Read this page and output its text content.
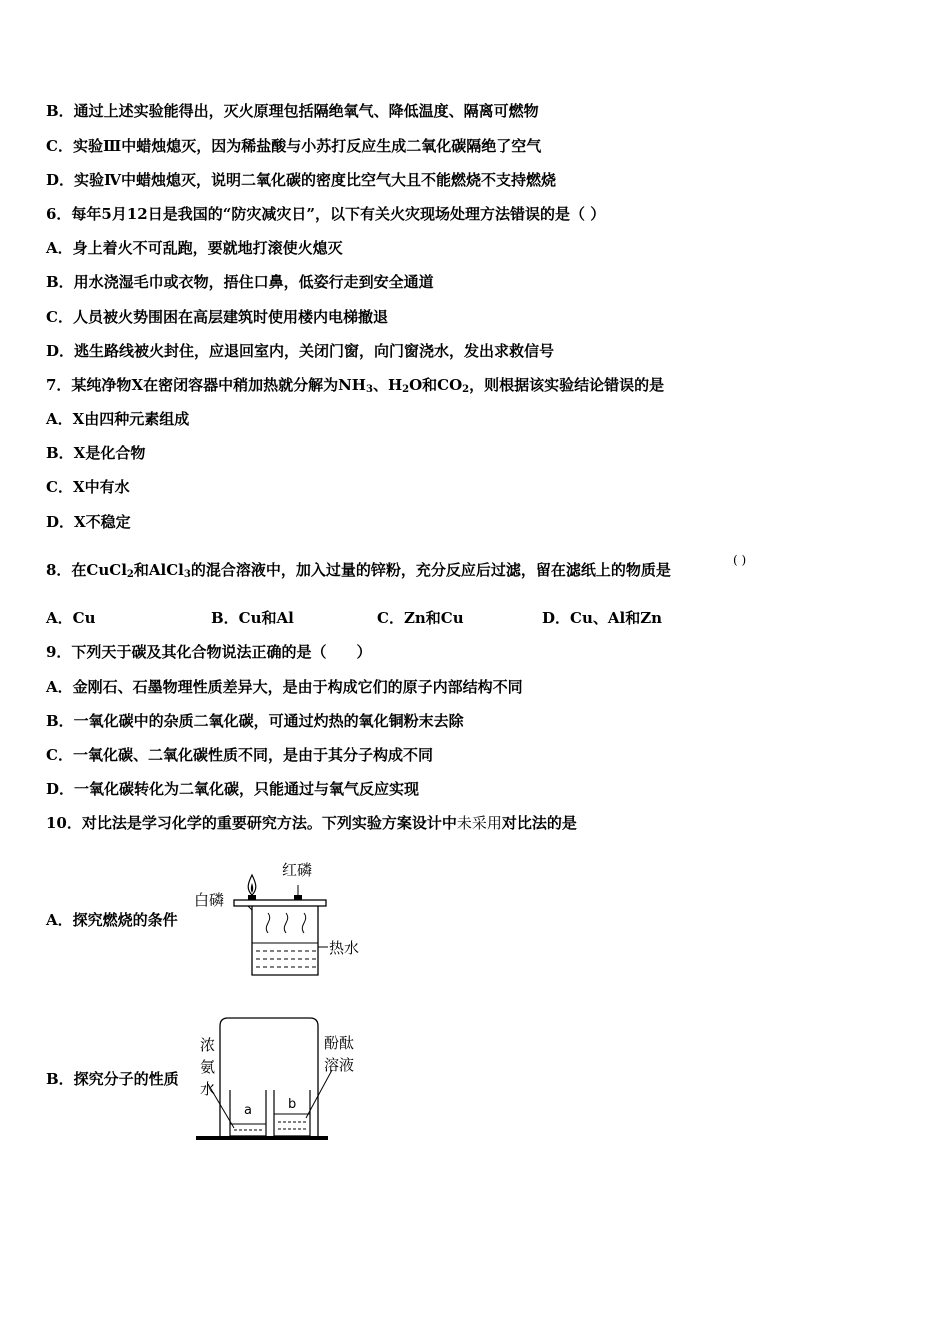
B．通过上述实验能得出，灭火原理包括隔绝氧气、降低温度、隔离可燃物
C．实验Ⅲ中蜡烛熄灭，因为稀盐酸与小苏打反应生成二氧化碳隔绝了空气
D．实验Ⅳ中蜡烛熄灭，说明二氧化碳的密度比空气大且不能燃烧不支持燃烧
6．每年5月12日是我国的“防灾减灾日”，以下有关火灾现场处理方法错误的是（ ）
A．身上着火不可乱跑，要就地打滚使火熄灭
B．用水浇湿毛巾或衣物，捂住口鼻，低姿行走到安全通道
C．人员被火势围困在高层建筑时使用楼内电梯撤退
D．逃生路线被火封住，应退回室内，关闭门窗，向门窗浇水，发出求救信号
7．某纯净物X在密闭容器中稍加热就分解为$NH_3$、$H_2O$和$CO_2$，则根据该实验结论错误的是
A．X由四种元素组成
B．X是化合物
C．X中有水
D．X不稳定
8．在CuCl$_2$和AlCl$_3$的混合溶液中，加入过量的锌粉，充分反应后过滤，留在滤纸上的物质是
( )
A．Cu	B．Cu和Al	C．Zn和Cu	D．Cu、Al和Zn
9．下列天于碳及其化合物说法正确的是（　　）
A．金刚石、石墨物理性质差异大，是由于构成它们的原子内部结构不同
B．一氧化碳中的杂质二氧化碳，可通过灼热的氧化铜粉末去除
C．一氧化碳、二氧化碳性质不同，是由于其分子构成不同
D．一氧化碳转化为二氧化碳，只能通过与氧气反应实现
10．对比法是学习化学的重要研究方法。下列实验方案设计中未采用对比法的是
A．探究燃烧的条件
红磷
白磷
热水
B．探究分子的性质
a	b
浓
氨
水
酚酞
溶液
